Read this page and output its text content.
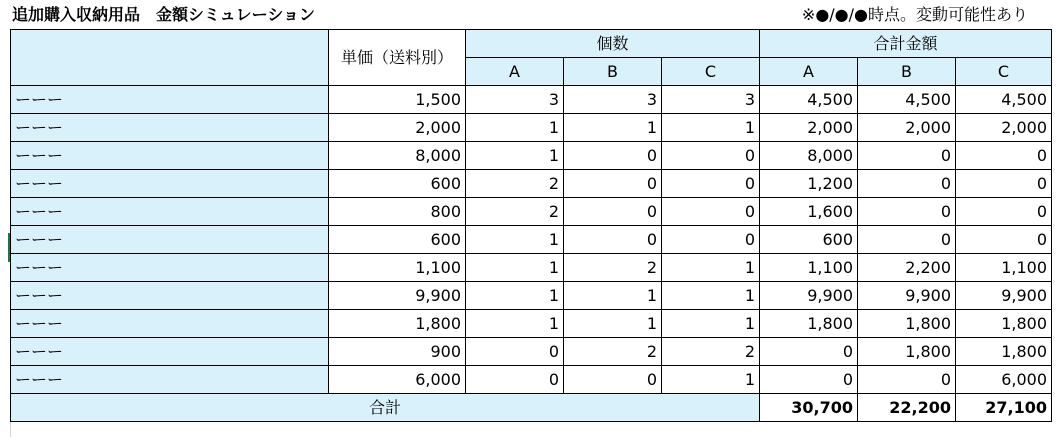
追加購入収納用品　金額シミュレーション	※●/●/●時点。変動可能性あり
	単価（送料別）	個数			合計金額		
		A	B	C	A	B	C
ーーー	1,500	3	3	3	4,500	4,500	4,500
ーーー	2,000	1	1	1	2,000	2,000	2,000
ーーー	8,000	1	0	0	8,000	0	0
ーーー	600	2	0	0	1,200	0	0
ーーー	800	2	0	0	1,600	0	0
ーーー	600	1	0	0	600	0	0
ーーー	1,100	1	2	1	1,100	2,200	1,100
ーーー	9,900	1	1	1	9,900	9,900	9,900
ーーー	1,800	1	1	1	1,800	1,800	1,800
ーーー	900	0	2	2	0	1,800	1,800
ーーー	6,000	0	0	1	0	0	6,000
合計					30,700	22,200	27,100
